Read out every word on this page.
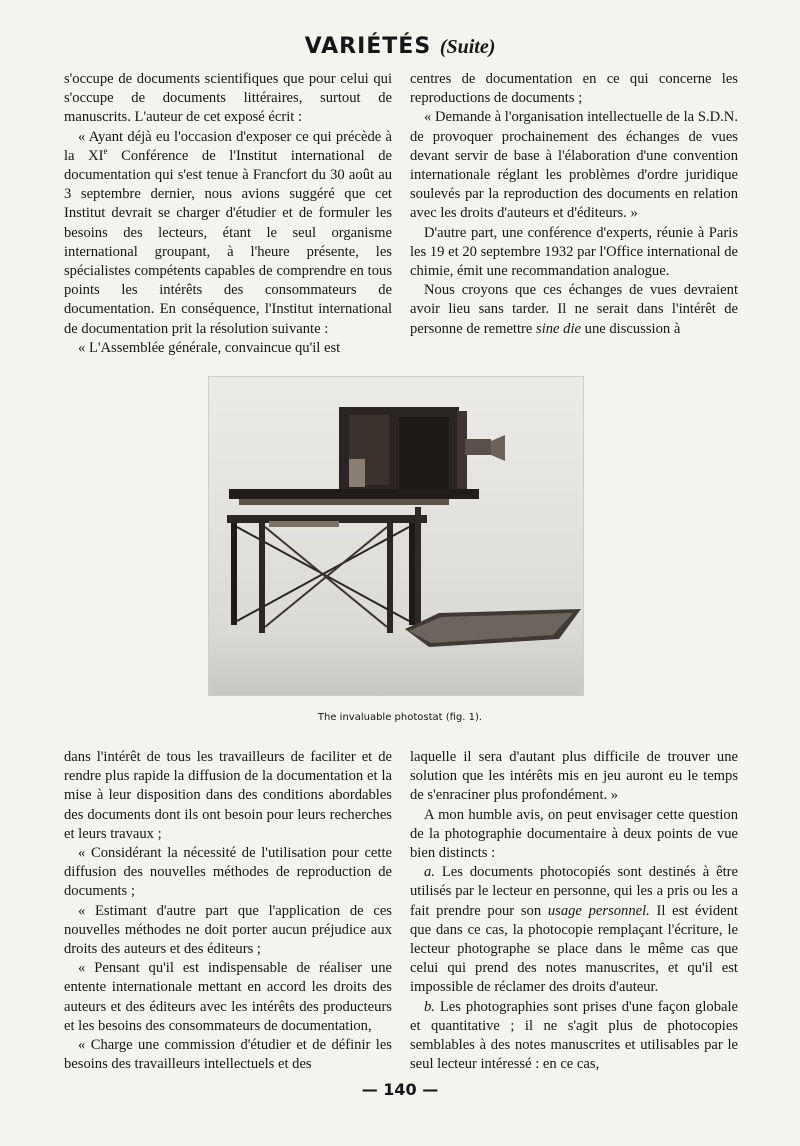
VARIÉTÉS (Suite)

s'occupe de documents scientifiques que pour celui qui s'occupe de documents littéraires, surtout de manuscrits. L'auteur de cet exposé écrit :

« Ayant déjà eu l'occasion d'exposer ce qui précède à la XIe Conférence de l'Institut international de documentation qui s'est tenue à Francfort du 30 août au 3 septembre dernier, nous avions suggéré que cet Institut devrait se charger d'étudier et de formuler les besoins des lecteurs, étant le seul organisme international groupant, à l'heure présente, les spécialistes compétents capables de comprendre en tous points les intérêts des consommateurs de documentation. En conséquence, l'Institut international de documentation prit la résolution suivante :

« L'Assemblée générale, convaincue qu'il est

centres de documentation en ce qui concerne les reproductions de documents ;

« Demande à l'organisation intellectuelle de la S.D.N. de provoquer prochainement des échanges de vues devant servir de base à l'élaboration d'une convention internationale réglant les problèmes d'ordre juridique soulevés par la reproduction des documents en relation avec les droits d'auteurs et d'éditeurs. »

D'autre part, une conférence d'experts, réunie à Paris les 19 et 20 septembre 1932 par l'Office international de chimie, émit une recommandation analogue.

Nous croyons que ces échanges de vues devraient avoir lieu sans tarder. Il ne serait dans l'intérêt de personne de remettre sine die une discussion à

The invaluable photostat (fig. 1).

dans l'intérêt de tous les travailleurs de faciliter et de rendre plus rapide la diffusion de la documentation et la mise à leur disposition dans des conditions abordables des documents dont ils ont besoin pour leurs recherches et leurs travaux ;

« Considérant la nécessité de l'utilisation pour cette diffusion des nouvelles méthodes de reproduction de documents ;

« Estimant d'autre part que l'application de ces nouvelles méthodes ne doit porter aucun préjudice aux droits des auteurs et des éditeurs ;

« Pensant qu'il est indispensable de réaliser une entente internationale mettant en accord les droits des auteurs et des éditeurs avec les intérêts des producteurs et les besoins des consommateurs de documentation,

« Charge une commission d'étudier et de définir les besoins des travailleurs intellectuels et des

laquelle il sera d'autant plus difficile de trouver une solution que les intérêts mis en jeu auront eu le temps de s'enraciner plus profondément. »

A mon humble avis, on peut envisager cette question de la photographie documentaire à deux points de vue bien distincts :

a. Les documents photocopiés sont destinés à être utilisés par le lecteur en personne, qui les a pris ou les a fait prendre pour son usage personnel. Il est évident que dans ce cas, la photocopie remplaçant l'écriture, le lecteur photographe se place dans le même cas que celui qui prend des notes manuscrites, et qu'il est impossible de réclamer des droits d'auteur.

b. Les photographies sont prises d'une façon globale et quantitative ; il ne s'agit plus de photocopies semblables à des notes manuscrites et utilisables par le seul lecteur intéressé : en ce cas,

— 140 —
